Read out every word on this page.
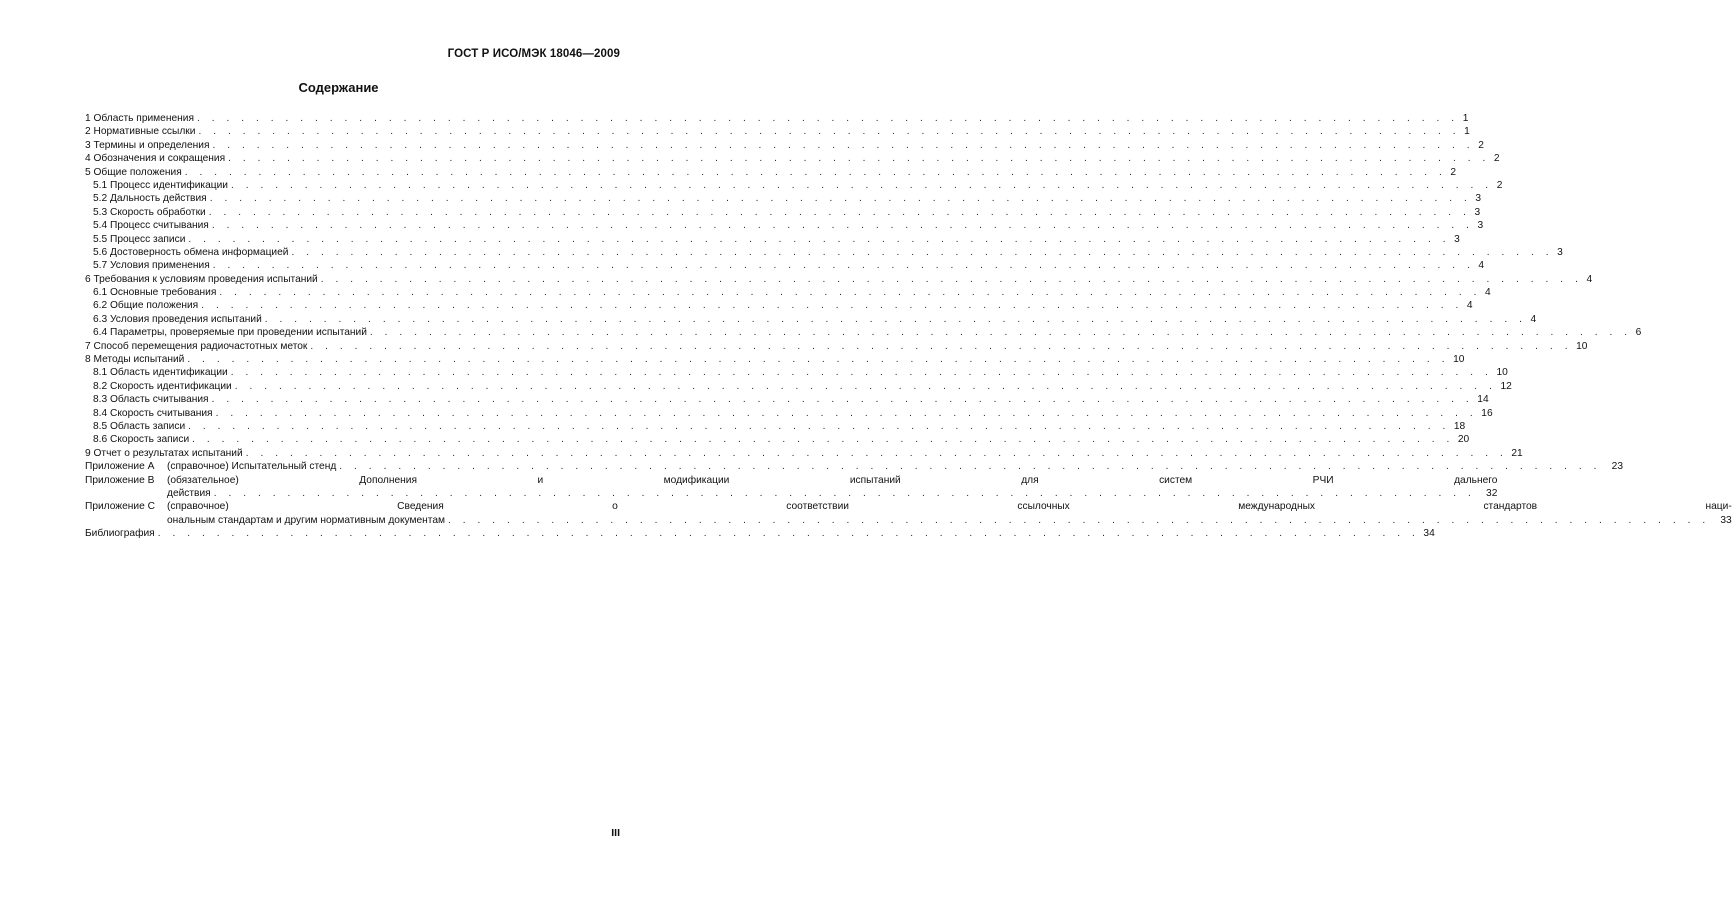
ГОСТ Р ИСО/МЭК 18046—2009
Содержание
1 Область применения . . . . . . . . . . . . . . . . . . . . . . . . . . . . . . . . . . . . . . . . . . . . . . . . . . . . . . . . . . . . . . . . . . . . . . . . . . . . . . . . . . . . . . 1
2 Нормативные ссылки . . . . . . . . . . . . . . . . . . . . . . . . . . . . . . . . . . . . . . . . . . . . . . . . . . . . . . . . . . . . . . . . . . . . . . . . . . . . . . . . . . . . . . 1
3 Термины и определения . . . . . . . . . . . . . . . . . . . . . . . . . . . . . . . . . . . . . . . . . . . . . . . . . . . . . . . . . . . . . . . . . . . . . . . . . . . . . . . . . . . . . . 2
4 Обозначения и сокращения . . . . . . . . . . . . . . . . . . . . . . . . . . . . . . . . . . . . . . . . . . . . . . . . . . . . . . . . . . . . . . . . . . . . . . . . . . . . . . . . . . . . . . 2
5 Общие положения . . . . . . . . . . . . . . . . . . . . . . . . . . . . . . . . . . . . . . . . . . . . . . . . . . . . . . . . . . . . . . . . . . . . . . . . . . . . . . . . . . . . . . 2
5.1 Процесс идентификации . . . . . . . . . . . . . . . . . . . . . . . . . . . . . . . . . . . . . . . . . . . . . . . . . . . . . . . . . . . . . . . . . . . . . . . . . . . . . . . . . . . . . . 2
5.2 Дальность действия . . . . . . . . . . . . . . . . . . . . . . . . . . . . . . . . . . . . . . . . . . . . . . . . . . . . . . . . . . . . . . . . . . . . . . . . . . . . . . . . . . . . . . 3
5.3 Скорость обработки . . . . . . . . . . . . . . . . . . . . . . . . . . . . . . . . . . . . . . . . . . . . . . . . . . . . . . . . . . . . . . . . . . . . . . . . . . . . . . . . . . . . . . 3
5.4 Процесс считывания . . . . . . . . . . . . . . . . . . . . . . . . . . . . . . . . . . . . . . . . . . . . . . . . . . . . . . . . . . . . . . . . . . . . . . . . . . . . . . . . . . . . . . 3
5.5 Процесс записи . . . . . . . . . . . . . . . . . . . . . . . . . . . . . . . . . . . . . . . . . . . . . . . . . . . . . . . . . . . . . . . . . . . . . . . . . . . . . . . . . . . . . . 3
5.6 Достоверность обмена информацией . . . . . . . . . . . . . . . . . . . . . . . . . . . . . . . . . . . . . . . . . . . . . . . . . . . . . . . . . . . . . . . . . . . . . . . . . . . . . . . . . . . . . . 3
5.7 Условия применения . . . . . . . . . . . . . . . . . . . . . . . . . . . . . . . . . . . . . . . . . . . . . . . . . . . . . . . . . . . . . . . . . . . . . . . . . . . . . . . . . . . . . . 4
6 Требования к условиям проведения испытаний . . . . . . . . . . . . . . . . . . . . . . . . . . . . . . . . . . . . . . . . . . . . . . . . . . . . . . . . . . . . . . . . . . . . . . . . . . . . . . . . . . . . . . 4
6.1 Основные требования . . . . . . . . . . . . . . . . . . . . . . . . . . . . . . . . . . . . . . . . . . . . . . . . . . . . . . . . . . . . . . . . . . . . . . . . . . . . . . . . . . . . . . 4
6.2 Общие положения . . . . . . . . . . . . . . . . . . . . . . . . . . . . . . . . . . . . . . . . . . . . . . . . . . . . . . . . . . . . . . . . . . . . . . . . . . . . . . . . . . . . . . 4
6.3 Условия проведения испытаний . . . . . . . . . . . . . . . . . . . . . . . . . . . . . . . . . . . . . . . . . . . . . . . . . . . . . . . . . . . . . . . . . . . . . . . . . . . . . . . . . . . . . . 4
6.4 Параметры, проверяемые при проведении испытаний . . . . . . . . . . . . . . . . . . . . . . . . . . . . . . . . . . . . . . . . . . . . . . . . . . . . . . . . . . . . . . . . . . . . . . . . . . . . . . . . . . . . . . 6
7 Способ перемещения радиочастотных меток . . . . . . . . . . . . . . . . . . . . . . . . . . . . . . . . . . . . . . . . . . . . . . . . . . . . . . . . . . . . . . . . . . . . . . . . . . . . . . . . . . . . . . 10
8 Методы испытаний . . . . . . . . . . . . . . . . . . . . . . . . . . . . . . . . . . . . . . . . . . . . . . . . . . . . . . . . . . . . . . . . . . . . . . . . . . . . . . . . . . . . . . 10
8.1 Область идентификации . . . . . . . . . . . . . . . . . . . . . . . . . . . . . . . . . . . . . . . . . . . . . . . . . . . . . . . . . . . . . . . . . . . . . . . . . . . . . . . . . . . . . . 10
8.2 Скорость идентификации . . . . . . . . . . . . . . . . . . . . . . . . . . . . . . . . . . . . . . . . . . . . . . . . . . . . . . . . . . . . . . . . . . . . . . . . . . . . . . . . . . . . . . 12
8.3 Область считывания . . . . . . . . . . . . . . . . . . . . . . . . . . . . . . . . . . . . . . . . . . . . . . . . . . . . . . . . . . . . . . . . . . . . . . . . . . . . . . . . . . . . . . 14
8.4 Скорость считывания . . . . . . . . . . . . . . . . . . . . . . . . . . . . . . . . . . . . . . . . . . . . . . . . . . . . . . . . . . . . . . . . . . . . . . . . . . . . . . . . . . . . . . 16
8.5 Область записи . . . . . . . . . . . . . . . . . . . . . . . . . . . . . . . . . . . . . . . . . . . . . . . . . . . . . . . . . . . . . . . . . . . . . . . . . . . . . . . . . . . . . . 18
8.6 Скорость записи . . . . . . . . . . . . . . . . . . . . . . . . . . . . . . . . . . . . . . . . . . . . . . . . . . . . . . . . . . . . . . . . . . . . . . . . . . . . . . . . . . . . . . 20
9 Отчет о результатах испытаний . . . . . . . . . . . . . . . . . . . . . . . . . . . . . . . . . . . . . . . . . . . . . . . . . . . . . . . . . . . . . . . . . . . . . . . . . . . . . . . . . . . . . . 21
Приложение А	(справочное) Испытательный стенд . . . . . . . . . . . . . . . . . . . . . . . . . . . . . . . . . . . . . . . . . . . . . . . . . . . . . . . . . . . . . . . . . . . . . . . . . . . . . . . . . . . . . .	23
Приложение В	(обязательное) Дополнения и модификации испытаний для систем РЧИ дальнего
действия . . . . . . . . . . . . . . . . . . . . . . . . . . . . . . . . . . . . . . . . . . . . . . . . . . . . . . . . . . . . . . . . . . . . . . . . . . . . . . . . . . . . . .	32
Приложение С	(справочное) Сведения о соответствии ссылочных международных стандартов наци-
ональным стандартам и другим нормативным документам . . . . . . . . . . . . . . . . . . . . . . . . . . . . . . . . . . . . . . . . . . . . . . . . . . . . . . . . . . . . . . . . . . . . . . . . . . . . . . . . . . . . . .	33
Библиография . . . . . . . . . . . . . . . . . . . . . . . . . . . . . . . . . . . . . . . . . . . . . . . . . . . . . . . . . . . . . . . . . . . . . . . . . . . . . . . . . . . . . . 34
III
